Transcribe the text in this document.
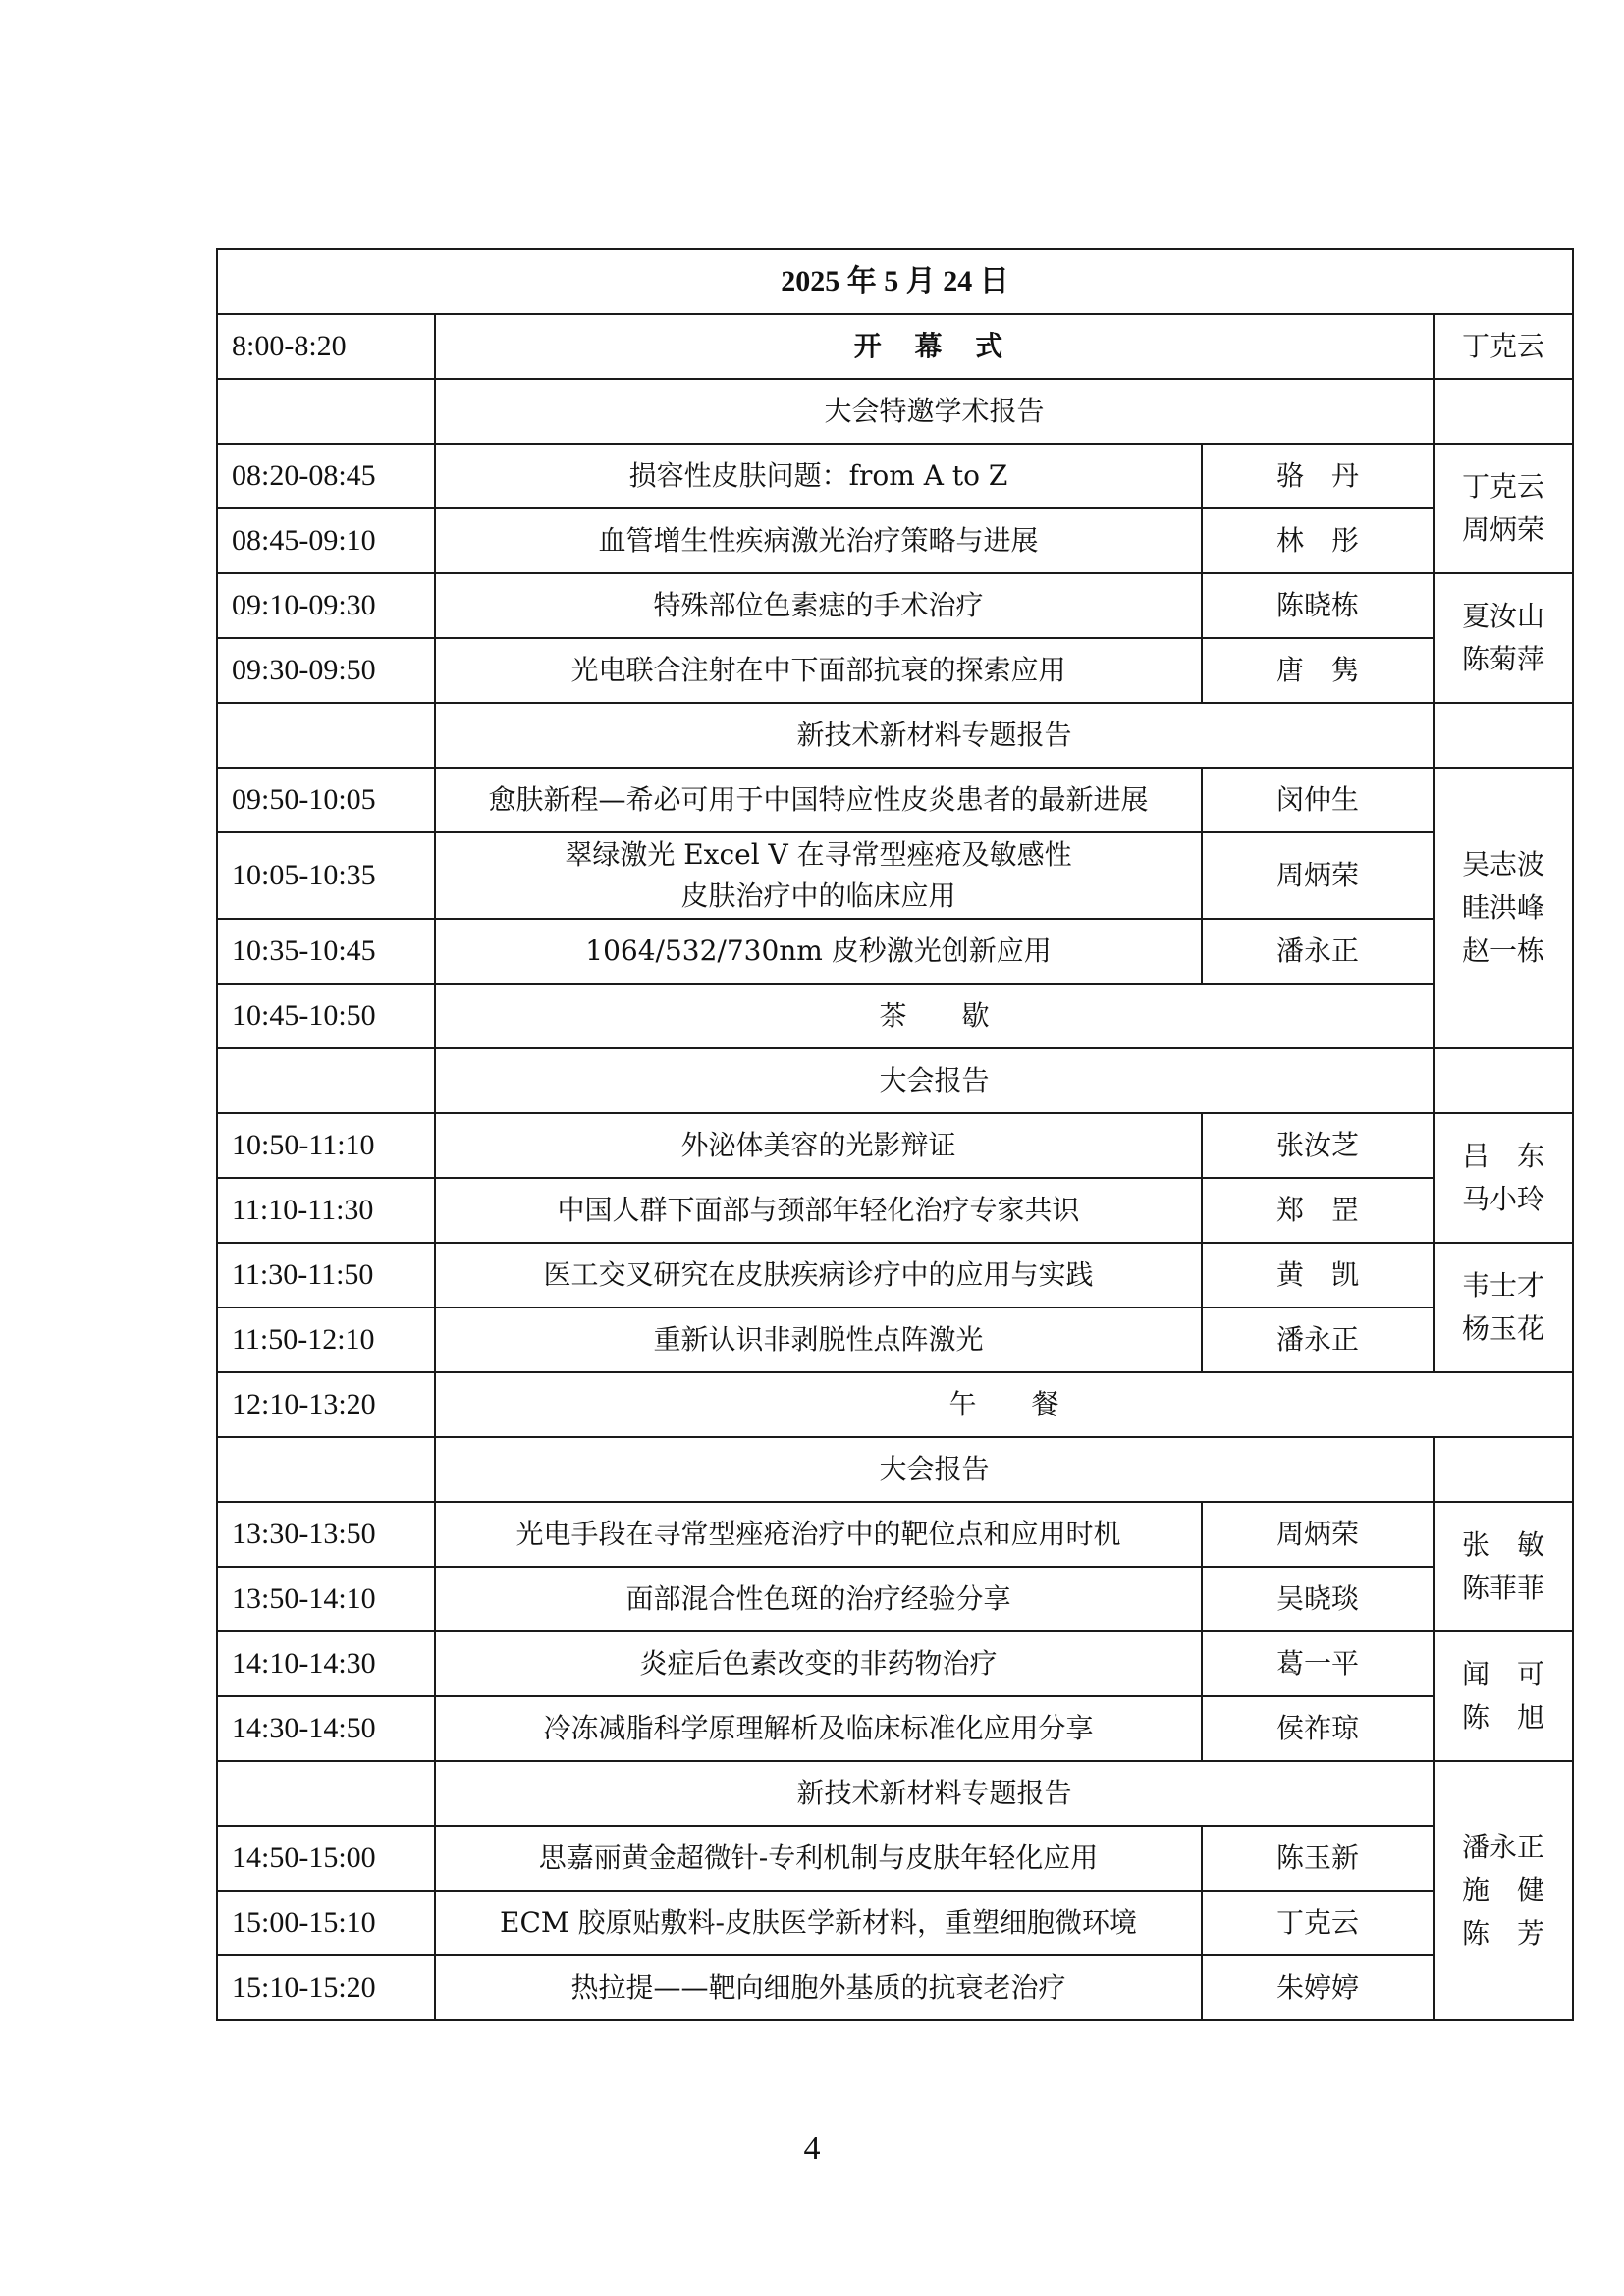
2025 年 5 月 24 日			
8:00-8:20	开 幕 式		丁克云
	大会特邀学术报告		
08:20-08:45	损容性皮肤问题：from A to Z	骆　丹	丁克云
周炳荣
08:45-09:10	血管增生性疾病激光治疗策略与进展	林　彤	
09:10-09:30	特殊部位色素痣的手术治疗	陈晓栋	夏汝山
陈菊萍
09:30-09:50	光电联合注射在中下面部抗衰的探索应用	唐　隽	
	新技术新材料专题报告		
09:50-10:05	愈肤新程—希必可用于中国特应性皮炎患者的最新进展	闵仲生	吴志波
眭洪峰
赵一栋
10:05-10:35	翠绿激光 Excel V 在寻常型痤疮及敏感性
皮肤治疗中的临床应用	周炳荣	
10:35-10:45	1064/532/730nm 皮秒激光创新应用	潘永正	
10:45-10:50	茶　　歇		
	大会报告		
10:50-11:10	外泌体美容的光影辩证	张汝芝	吕　东
马小玲
11:10-11:30	中国人群下面部与颈部年轻化治疗专家共识	郑　罡	
11:30-11:50	医工交叉研究在皮肤疾病诊疗中的应用与实践	黄　凯	韦士才
杨玉花
11:50-12:10	重新认识非剥脱性点阵激光	潘永正	
12:10-13:20	午　　餐		
	大会报告		
13:30-13:50	光电手段在寻常型痤疮治疗中的靶位点和应用时机	周炳荣	张　敏
陈菲菲
13:50-14:10	面部混合性色斑的治疗经验分享	吴晓琰	
14:10-14:30	炎症后色素改变的非药物治疗	葛一平	闻　可
陈　旭
14:30-14:50	冷冻减脂科学原理解析及临床标准化应用分享	侯祚琼	
	新技术新材料专题报告		潘永正
施　健
陈　芳
14:50-15:00	思嘉丽黄金超微针-专利机制与皮肤年轻化应用	陈玉新	
15:00-15:10	ECM 胶原贴敷料-皮肤医学新材料，重塑细胞微环境	丁克云	
15:10-15:20	热拉提——靶向细胞外基质的抗衰老治疗	朱婷婷	
4
